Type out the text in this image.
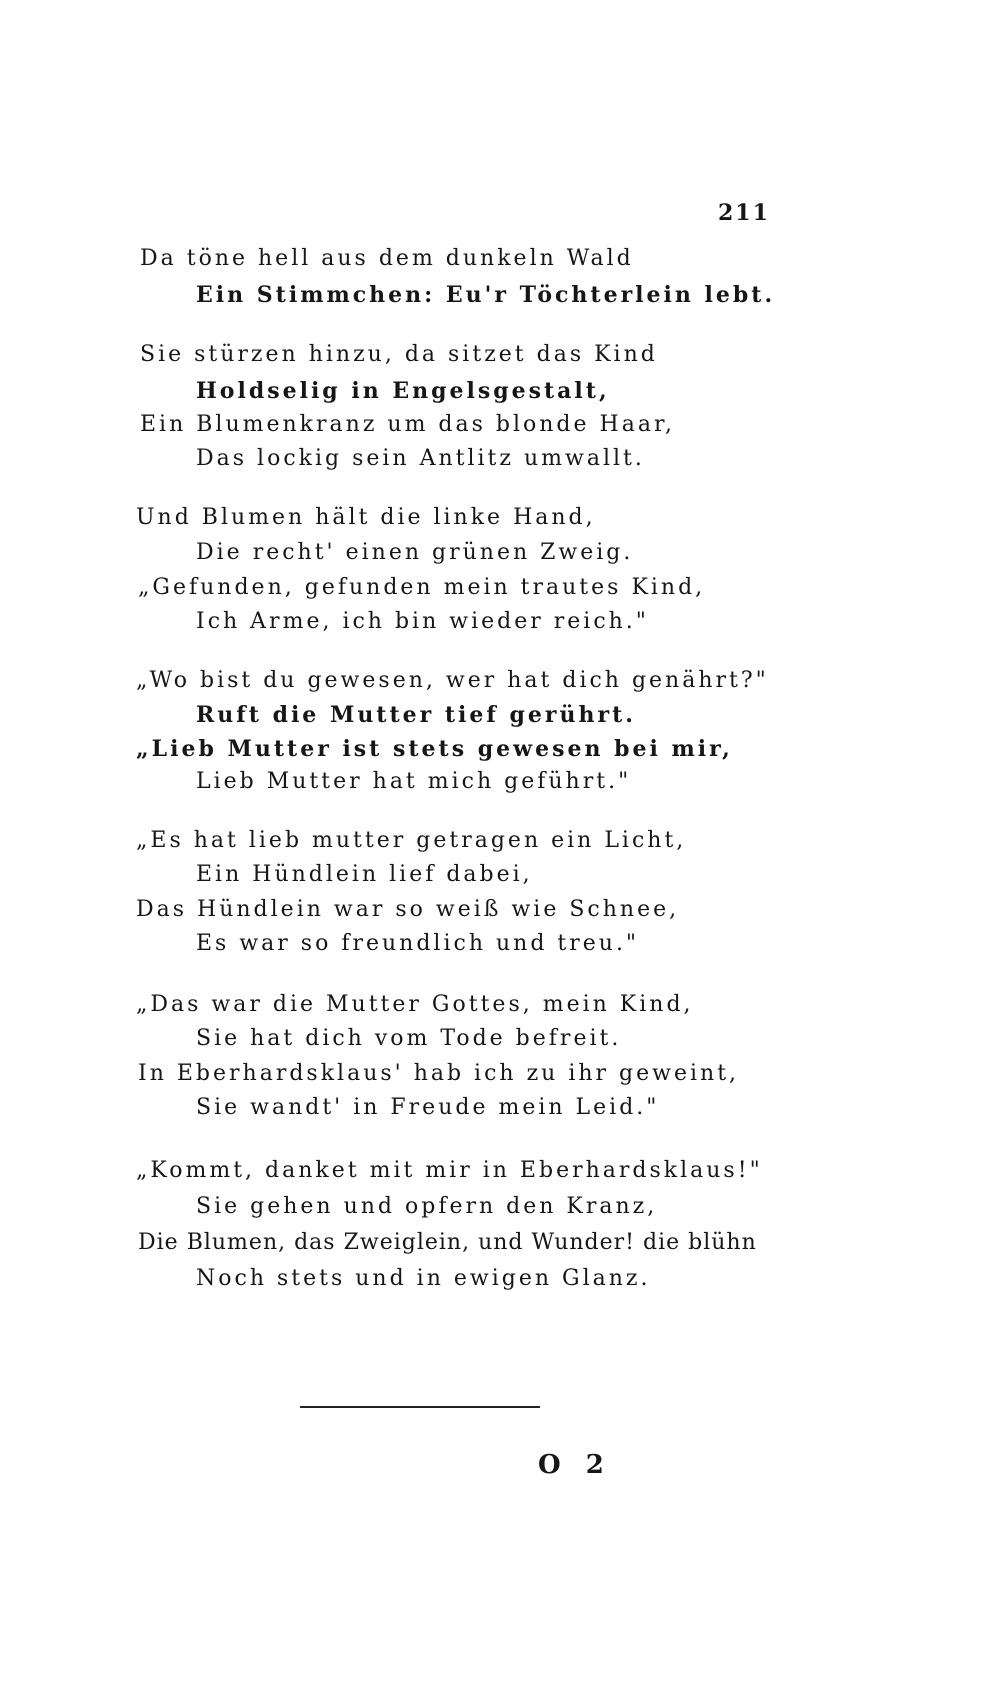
211
Da töne hell aus dem dunkeln Wald
Ein Stimmchen: Eu'r Töchterlein lebt.
Sie stürzen hinzu, da sitzet das Kind
Holdselig in Engelsgestalt,
Ein Blumenkranz um das blonde Haar,
Das lockig sein Antlitz umwallt.
Und Blumen hält die linke Hand,
Die recht' einen grünen Zweig.
„Gefunden, gefunden mein trautes Kind,
Ich Arme, ich bin wieder reich."
„Wo bist du gewesen, wer hat dich genährt?"
Ruft die Mutter tief gerührt.
„Lieb Mutter ist stets gewesen bei mir,
Lieb Mutter hat mich geführt."
„Es hat lieb mutter getragen ein Licht,
Ein Hündlein lief dabei,
Das Hündlein war so weiß wie Schnee,
Es war so freundlich und treu."
„Das war die Mutter Gottes, mein Kind,
Sie hat dich vom Tode befreit.
In Eberhardsklaus' hab ich zu ihr geweint,
Sie wandt' in Freude mein Leid."
„Kommt, danket mit mir in Eberhardsklaus!"
Sie gehen und opfern den Kranz,
Die Blumen, das Zweiglein, und Wunder! die blühn
Noch stets und in ewigen Glanz.
O 2
